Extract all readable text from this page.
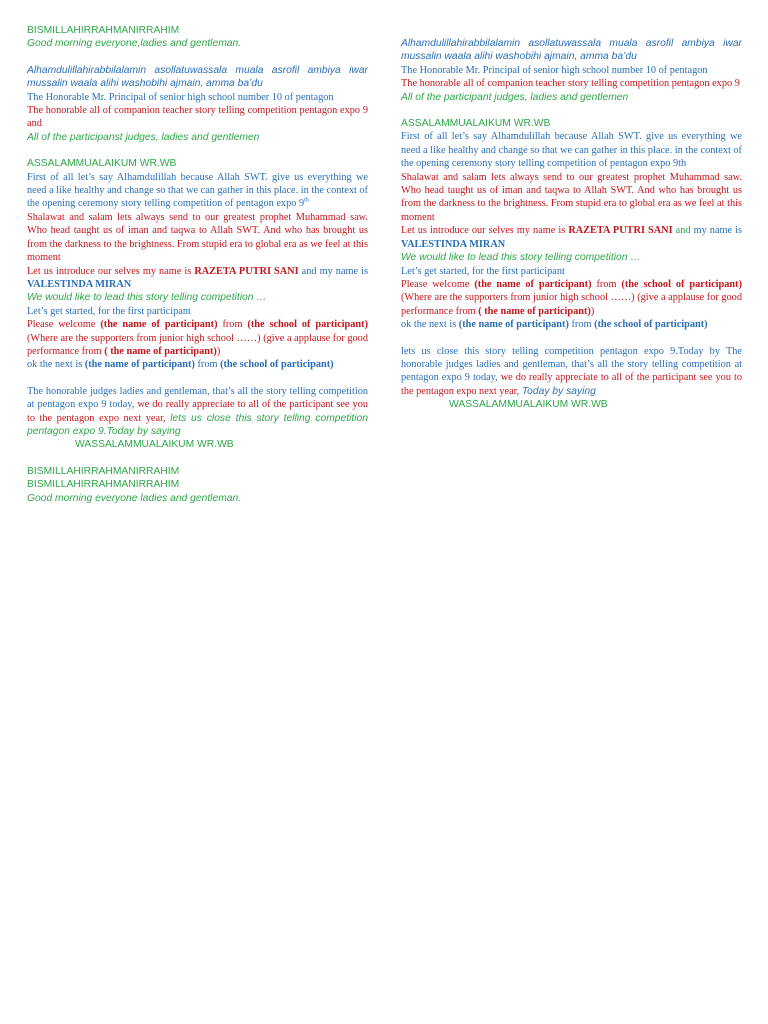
BISMILLAHIRRAHMANIRRAHIM

Good morning everyone,ladies and gentleman.

Alhamdulillahirabbilalamin asollatuwassala muala asrofil ambiya iwar mussalin waala alihi washobihi ajmain, amma ba’du

The Honorable Mr. Principal of senior high school number 10 of pentagon

The honorable all of companion teacher story telling competition pentagon expo 9 and

All of the participanst judges, ladies and gentlemen

ASSALAMMUALAIKUM WR.WB

First of all let’s say Alhamdulillah because Allah SWT. give us everything we need a like healthy and change so that we can gather in this place. in the context of the opening ceremony story telling competition of pentagon expo 9th

Shalawat and salam lets always send to our greatest prophet Muhammad saw. Who head taught us of iman and taqwa to Allah SWT. And who has brought us from the darkness to the brightness. From stupid era to global era as we feel at this moment

Let us introduce our selves my name is RAZETA PUTRI SANI and my name is VALESTINDA MIRAN

We would like to lead this story telling competition …

Let’s get started, for the first participant

Please welcome (the name of participant) from (the school of participant) (Where are the supporters from junior high school ……) (give a applause for good performance from ( the name of participant))

ok the next is (the name of participant) from (the school of participant)

The honorable judges ladies and gentleman, that’s all the story telling competition at pentagon expo 9 today, we do really appreciate to all of the participant see you to the pentagon expo next year, lets us close this story telling competition pentagon expo 9.Today by saying

WASSALAMMUALAIKUM WR.WB

BISMILLAHIRRAHMANIRRAHIM

BISMILLAHIRRAHMANIRRAHIM

Good morning everyone ladies and gentleman.

Alhamdulillahirabbilalamin asollatuwassala muala asrofil ambiya iwar mussalin waala alihi washobihi ajmain, amma ba’du

The Honorable Mr. Principal of senior high school number 10 of pentagon

The honorable all of companion teacher story telling competition pentagon expo 9

All of the participant judges, ladies and gentlemen

ASSALAMMUALAIKUM WR.WB

First of all let’s say Alhamdulillah because Allah SWT. give us everything we need a like healthy and change so that we can gather in this place. in the context of the opening ceremony story telling competition of pentagon expo 9th

Shalawat and salam lets always send to our greatest prophet Muhammad saw. Who head taught us of iman and taqwa to Allah SWT. And who has brought us from the darkness to the brightness. From stupid era to global era as we feel at this moment

Let us introduce our selves my name is RAZETA PUTRI SANI and my name is VALESTINDA MIRAN

We would like to lead this story telling competition …

Let’s get started, for the first participant

Please welcome (the name of participant) from (the school of participant) (Where are the supporters from junior high school ……) (give a applause for good performance from ( the name of participant))

ok the next is (the name of participant) from (the school of participant)

lets us close this story telling competition pentagon expo 9.Today by The honorable judges ladies and gentleman, that’s all the story telling competition at pentagon expo 9 today, we do really appreciate to all of the participant see you to the pentagon expo next year, Today by saying

WASSALAMMUALAIKUM WR.WB
